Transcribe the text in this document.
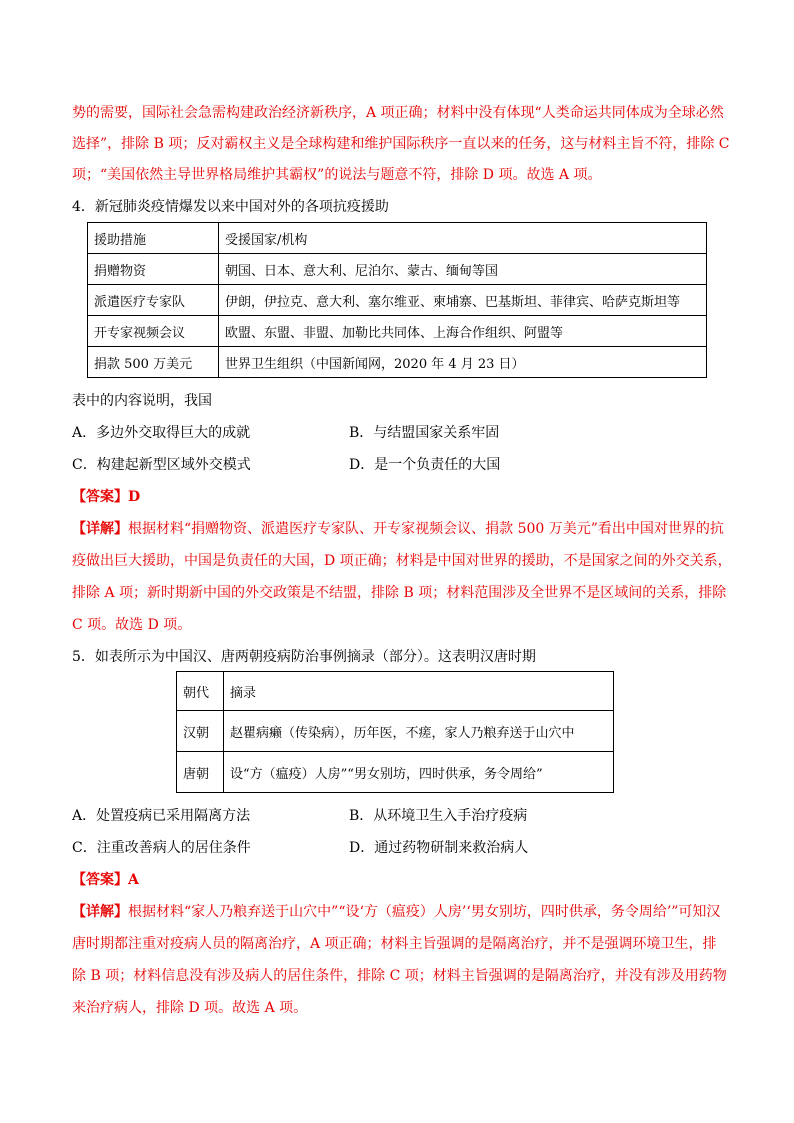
势的需要，国际社会急需构建政治经济新秩序，A 项正确；材料中没有体现“人类命运共同体成为全球必然
选择”，排除 B 项；反对霸权主义是全球构建和维护国际秩序一直以来的任务，这与材料主旨不符，排除 C
项；“美国依然主导世界格局维护其霸权”的说法与题意不符，排除 D 项。故选 A 项。
4．新冠肺炎疫情爆发以来中国对外的各项抗疫援助
援助措施	受援国家/机构
捐赠物资	朝国、日本、意大利、尼泊尔、蒙古、缅甸等国
派遣医疗专家队	伊朗，伊拉克、意大利、塞尔维亚、柬埔寨、巴基斯坦、菲律宾、哈萨克斯坦等
开专家视频会议	欧盟、东盟、非盟、加勒比共同体、上海合作组织、阿盟等
捐款 500 万美元	世界卫生组织（中国新闻网，2020 年 4 月 23 日）
表中的内容说明，我国
A．多边外交取得巨大的成就	B．与结盟国家关系牢固
C．构建起新型区域外交模式	D．是一个负责任的大国
【答案】D
【详解】根据材料“捐赠物资、派遣医疗专家队、开专家视频会议、捐款 500 万美元”看出中国对世界的抗
疫做出巨大援助，中国是负责任的大国，D 项正确；材料是中国对世界的援助，不是国家之间的外交关系，
排除 A 项；新时期新中国的外交政策是不结盟，排除 B 项；材料范围涉及全世界不是区域间的关系，排除
C 项。故选 D 项。
5．如表所示为中国汉、唐两朝疫病防治事例摘录（部分）。这表明汉唐时期
朝代	摘录
汉朝	赵瞿病癞（传染病），历年医，不瘥，家人乃粮弃送于山穴中
唐朝	设“方（瘟疫）人房”“男女别坊，四时供承，务令周给”
A．处置疫病已采用隔离方法	B．从环境卫生入手治疗疫病
C．注重改善病人的居住条件	D．通过药物研制来救治病人
【答案】A
【详解】根据材料“家人乃粮弃送于山穴中”“设‘方（瘟疫）人房’‘男女别坊，四时供承，务令周给’”可知汉
唐时期都注重对疫病人员的隔离治疗，A 项正确；材料主旨强调的是隔离治疗，并不是强调环境卫生，排
除 B 项；材料信息没有涉及病人的居住条件，排除 C 项；材料主旨强调的是隔离治疗，并没有涉及用药物
来治疗病人，排除 D 项。故选 A 项。
